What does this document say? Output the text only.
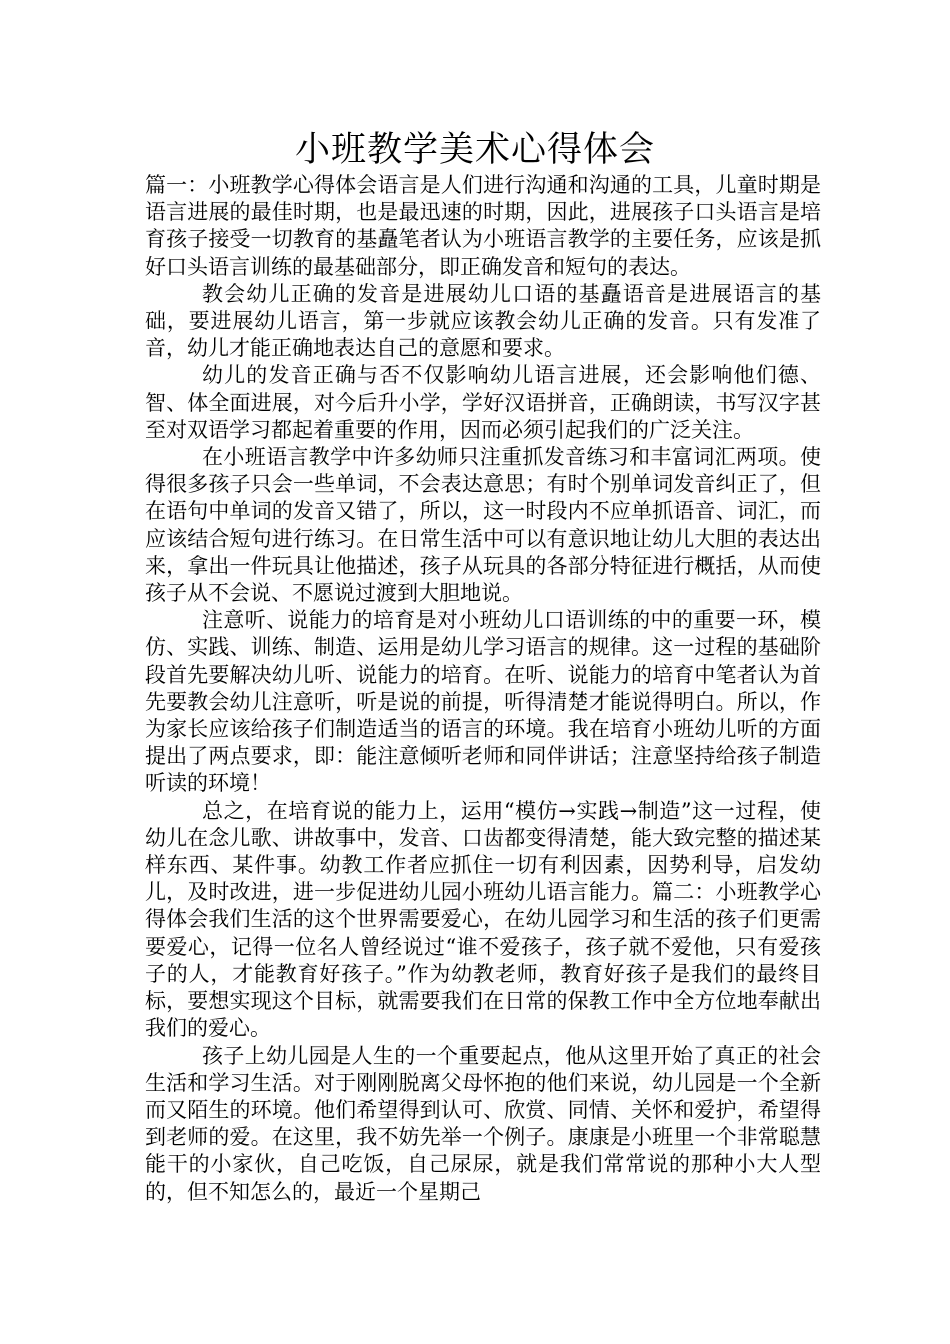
小班教学美术心得体会

篇一：小班教学心得体会语言是人们进行沟通和沟通的工具，儿童时期是语言进展的最佳时期，也是最迅速的时期，因此，进展孩子口头语言是培育孩子接受一切教育的基矗笔者认为小班语言教学的主要任务，应该是抓好口头语言训练的最基础部分，即正确发音和短句的表达。

教会幼儿正确的发音是进展幼儿口语的基矗语音是进展语言的基础，要进展幼儿语言，第一步就应该教会幼儿正确的发音。只有发准了音，幼儿才能正确地表达自己的意愿和要求。

幼儿的发音正确与否不仅影响幼儿语言进展，还会影响他们德、智、体全面进展，对今后升小学，学好汉语拼音，正确朗读，书写汉字甚至对双语学习都起着重要的作用，因而必须引起我们的广泛关注。

在小班语言教学中许多幼师只注重抓发音练习和丰富词汇两项。使得很多孩子只会一些单词，不会表达意思；有时个别单词发音纠正了，但在语句中单词的发音又错了，所以，这一时段内不应单抓语音、词汇，而应该结合短句进行练习。在日常生活中可以有意识地让幼儿大胆的表达出来，拿出一件玩具让他描述，孩子从玩具的各部分特征进行概括，从而使孩子从不会说、不愿说过渡到大胆地说。

注意听、说能力的培育是对小班幼儿口语训练的中的重要一环，模仿、实践、训练、制造、运用是幼儿学习语言的规律。这一过程的基础阶段首先要解决幼儿听、说能力的培育。在听、说能力的培育中笔者认为首先要教会幼儿注意听，听是说的前提，听得清楚才能说得明白。所以，作为家长应该给孩子们制造适当的语言的环境。我在培育小班幼儿听的方面提出了两点要求，即：能注意倾听老师和同伴讲话；注意坚持给孩子制造听读的环境！

总之，在培育说的能力上，运用“模仿→实践→制造”这一过程，使幼儿在念儿歌、讲故事中，发音、口齿都变得清楚，能大致完整的描述某样东西、某件事。幼教工作者应抓住一切有利因素，因势利导，启发幼儿，及时改进，进一步促进幼儿园小班幼儿语言能力。篇二：小班教学心得体会我们生活的这个世界需要爱心，在幼儿园学习和生活的孩子们更需要爱心，记得一位名人曾经说过“谁不爱孩子，孩子就不爱他，只有爱孩子的人，才能教育好孩子。”作为幼教老师，教育好孩子是我们的最终目标，要想实现这个目标，就需要我们在日常的保教工作中全方位地奉献出我们的爱心。

孩子上幼儿园是人生的一个重要起点，他从这里开始了真正的社会生活和学习生活。对于刚刚脱离父母怀抱的他们来说，幼儿园是一个全新而又陌生的环境。他们希望得到认可、欣赏、同情、关怀和爱护，希望得到老师的爱。在这里，我不妨先举一个例子。康康是小班里一个非常聪慧能干的小家伙，自己吃饭，自己尿尿，就是我们常常说的那种小大人型的，但不知怎么的，最近一个星期己
